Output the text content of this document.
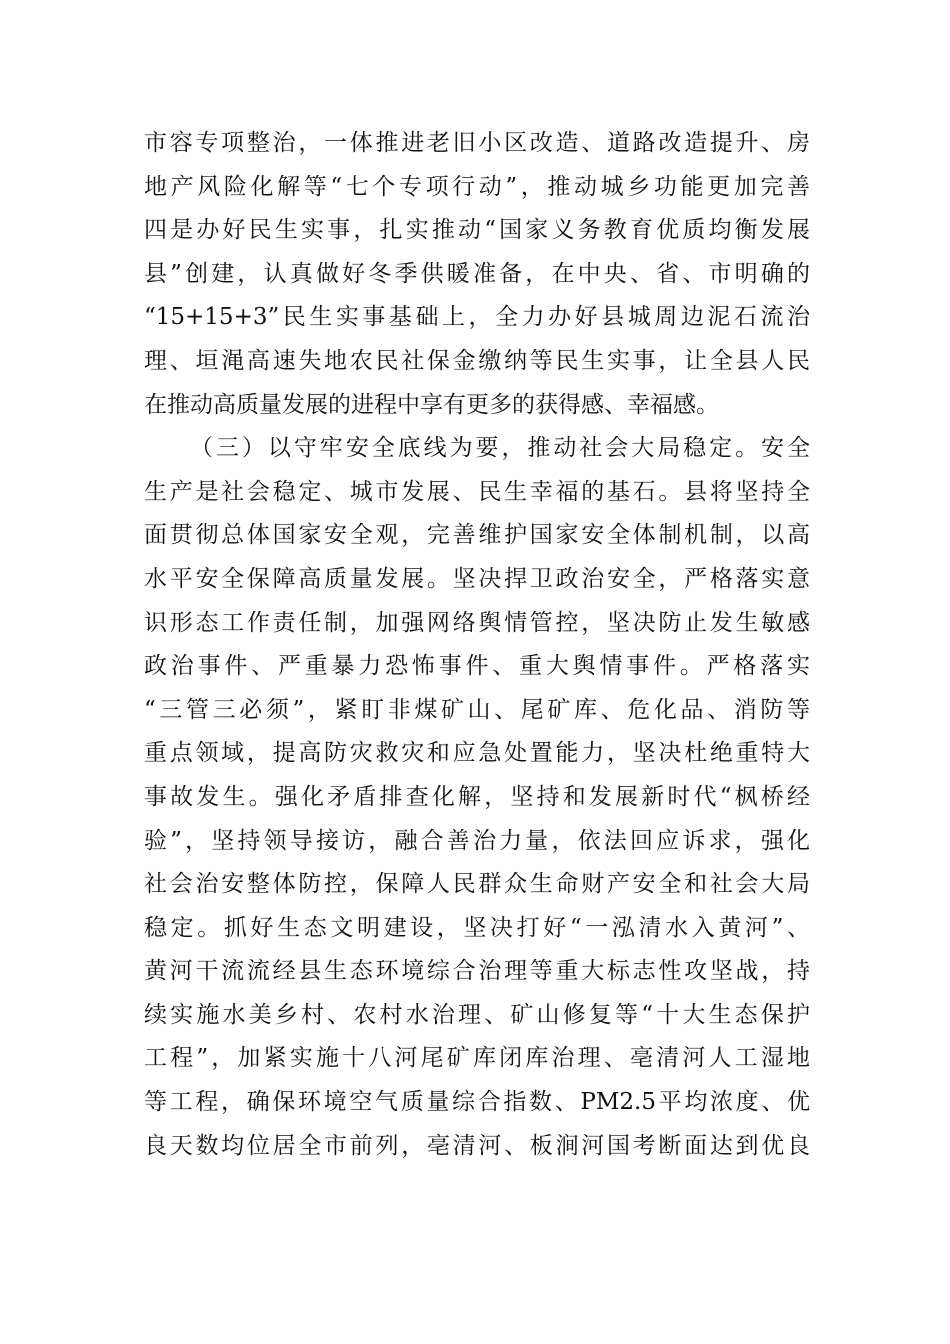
市容专项整治，一体推进老旧小区改造、道路改造提升、房
地产风险化解等“七个专项行动”，推动城乡功能更加完善
四是办好民生实事，扎实推动“国家义务教育优质均衡发展
县”创建，认真做好冬季供暖准备，在中央、省、市明确的
“15+15+3”民生实事基础上，全力办好县城周边泥石流治
理、垣渑高速失地农民社保金缴纳等民生实事，让全县人民
在推动高质量发展的进程中享有更多的获得感、幸福感。
（三）以守牢安全底线为要，推动社会大局稳定。安全
生产是社会稳定、城市发展、民生幸福的基石。县将坚持全
面贯彻总体国家安全观，完善维护国家安全体制机制，以高
水平安全保障高质量发展。坚决捍卫政治安全，严格落实意
识形态工作责任制，加强网络舆情管控，坚决防止发生敏感
政治事件、严重暴力恐怖事件、重大舆情事件。严格落实
“三管三必须”，紧盯非煤矿山、尾矿库、危化品、消防等
重点领域，提高防灾救灾和应急处置能力，坚决杜绝重特大
事故发生。强化矛盾排查化解，坚持和发展新时代“枫桥经
验”，坚持领导接访，融合善治力量，依法回应诉求，强化
社会治安整体防控，保障人民群众生命财产安全和社会大局
稳定。抓好生态文明建设，坚决打好“一泓清水入黄河”、
黄河干流流经县生态环境综合治理等重大标志性攻坚战，持
续实施水美乡村、农村水治理、矿山修复等“十大生态保护
工程”，加紧实施十八河尾矿库闭库治理、亳清河人工湿地
等工程，确保环境空气质量综合指数、PM2.5平均浓度、优
良天数均位居全市前列，亳清河、板涧河国考断面达到优良
